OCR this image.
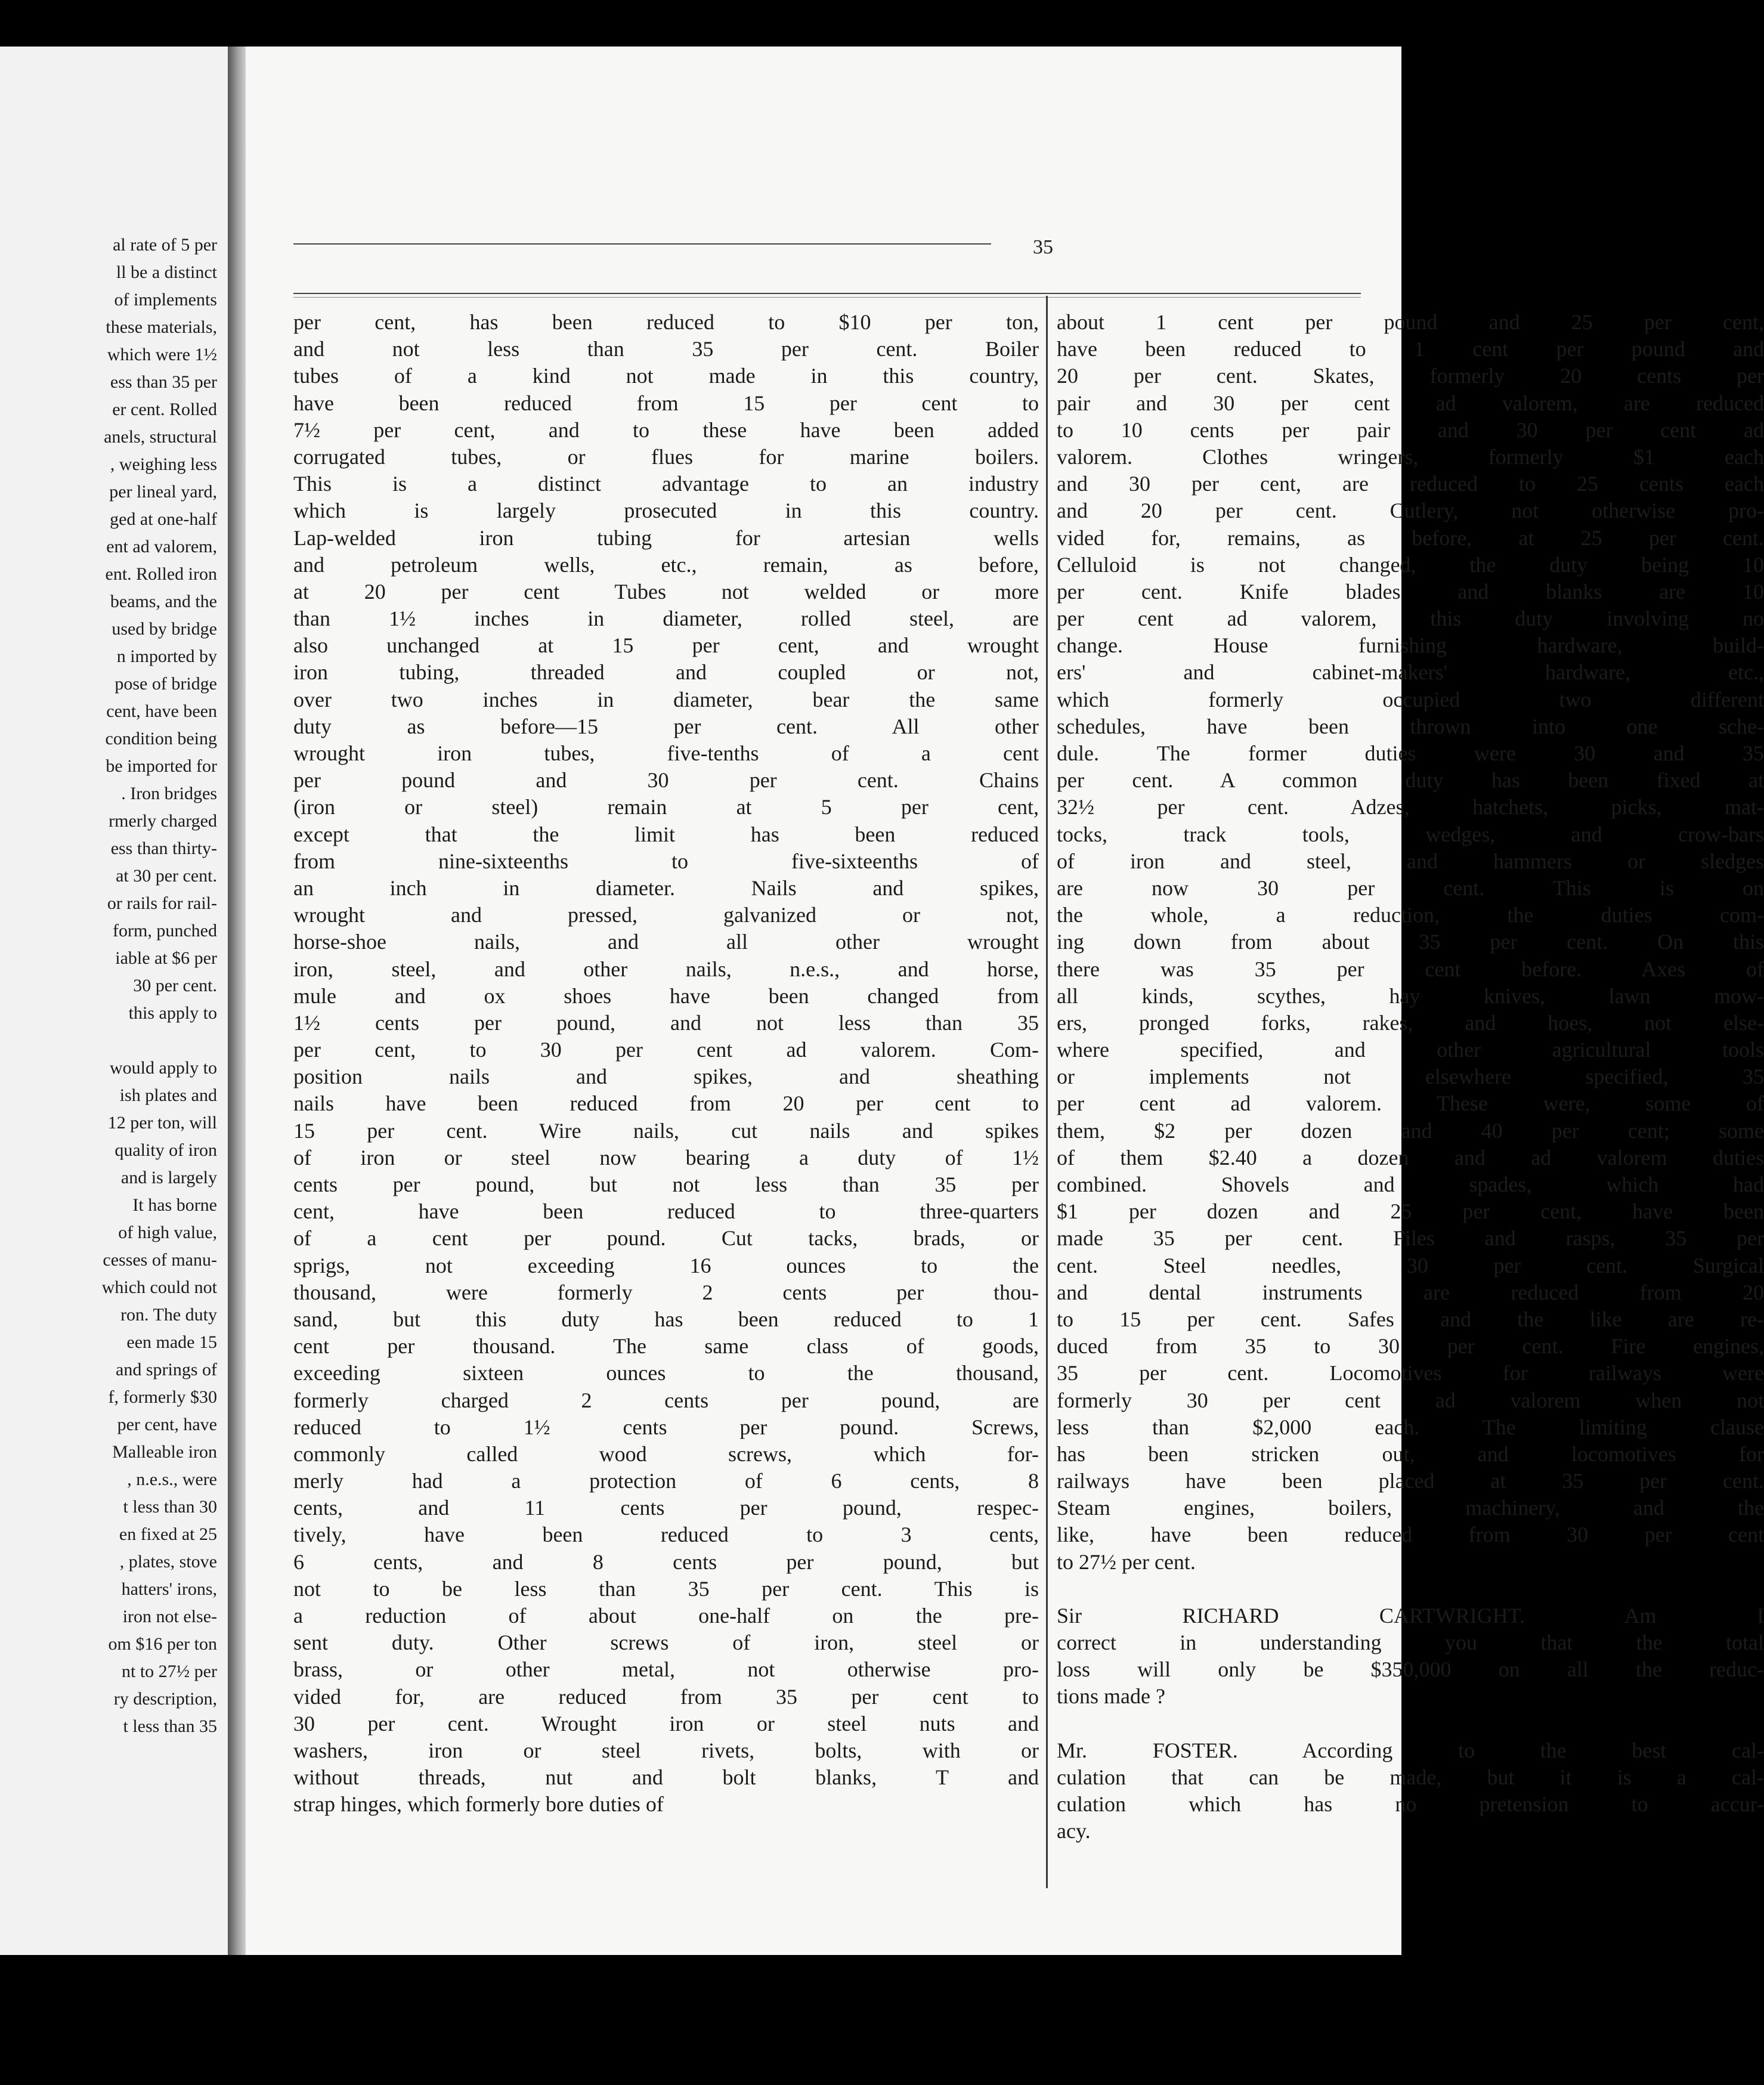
al rate of 5 per
ll be a distinct
of implements
these materials,
which were 1½
ess than 35 per
er cent. Rolled
anels, structural
, weighing less
per lineal yard,
ged at one-half
ent ad valorem,
ent. Rolled iron
beams, and the
used by bridge
n imported by
pose of bridge
cent, have been
condition being
be imported for
. Iron bridges
rmerly charged
ess than thirty-
at 30 per cent.
or rails for rail-
form, punched
iable at $6 per
30 per cent.
this apply to
would apply to
ish plates and
12 per ton, will
quality of iron
and is largely
It has borne
of high value,
cesses of manu-
which could not
ron. The duty
een made 15
and springs of
f, formerly $30
per cent, have
Malleable iron
, n.e.s., were
t less than 30
en fixed at 25
, plates, stove
hatters' irons,
iron not else-
om $16 per ton
nt to 27½ per
ry description,
t less than 35
35
per cent, has been reduced to $10 per ton,
and not less than 35 per cent. Boiler
tubes of a kind not made in this country,
have been reduced from 15 per cent to
7½ per cent, and to these have been added
corrugated tubes, or flues for marine boilers.
This is a distinct advantage to an industry
which is largely prosecuted in this country.
Lap-welded iron tubing for artesian wells
and petroleum wells, etc., remain, as before,
at 20 per cent Tubes not welded or more
than 1½ inches in diameter, rolled steel, are
also unchanged at 15 per cent, and wrought
iron tubing, threaded and coupled or not,
over two inches in diameter, bear the same
duty as before—15 per cent. All other
wrought iron tubes, five-tenths of a cent
per pound and 30 per cent. Chains
(iron or steel) remain at 5 per cent,
except that the limit has been reduced
from nine-sixteenths to five-sixteenths of
an inch in diameter. Nails and spikes,
wrought and pressed, galvanized or not,
horse-shoe nails, and all other wrought
iron, steel, and other nails, n.e.s., and horse,
mule and ox shoes have been changed from
1½ cents per pound, and not less than 35
per cent, to 30 per cent ad valorem. Com-
position nails and spikes, and sheathing
nails have been reduced from 20 per cent to
15 per cent. Wire nails, cut nails and spikes
of iron or steel now bearing a duty of 1½
cents per pound, but not less than 35 per
cent, have been reduced to three-quarters
of a cent per pound. Cut tacks, brads, or
sprigs, not exceeding 16 ounces to the
thousand, were formerly 2 cents per thou-
sand, but this duty has been reduced to 1
cent per thousand. The same class of goods,
exceeding sixteen ounces to the thousand,
formerly charged 2 cents per pound, are
reduced to 1½ cents per pound. Screws,
commonly called wood screws, which for-
merly had a protection of 6 cents, 8
cents, and 11 cents per pound, respec-
tively, have been reduced to 3 cents,
6 cents, and 8 cents per pound, but
not to be less than 35 per cent. This is
a reduction of about one-half on the pre-
sent duty. Other screws of iron, steel or
brass, or other metal, not otherwise pro-
vided for, are reduced from 35 per cent to
30 per cent. Wrought iron or steel nuts and
washers, iron or steel rivets, bolts, with or
without threads, nut and bolt blanks, T and
strap hinges, which formerly bore duties of
about 1 cent per pound and 25 per cent,
have been reduced to 1 cent per pound and
20 per cent. Skates, formerly 20 cents per
pair and 30 per cent ad valorem, are reduced
to 10 cents per pair and 30 per cent ad
valorem. Clothes wringers, formerly $1 each
and 30 per cent, are reduced to 25 cents each
and 20 per cent. Cutlery, not otherwise pro-
vided for, remains, as before, at 25 per cent.
Celluloid is not changed, the duty being 10
per cent. Knife blades and blanks are 10
per cent ad valorem, this duty involving no
change. House furnishing hardware, build-
ers' and cabinet-makers' hardware, etc.,
which formerly occupied two different
schedules, have been thrown into one sche-
dule. The former duties were 30 and 35
per cent. A common duty has been fixed at
32½ per cent. Adzes, hatchets, picks, mat-
tocks, track tools, wedges, and crow-bars
of iron and steel, and hammers or sledges
are now 30 per cent. This is on
the whole, a reduction, the duties com-
ing down from about 35 per cent. On this
there was 35 per cent before. Axes of
all kinds, scythes, hay knives, lawn mow-
ers, pronged forks, rakes, and hoes, not else-
where specified, and other agricultural tools
or implements not elsewhere specified, 35
per cent ad valorem. These were, some of
them, $2 per dozen and 40 per cent; some
of them $2.40 a dozen and ad valorem duties
combined. Shovels and spades, which had
$1 per dozen and 25 per cent, have been
made 35 per cent. Files and rasps, 35 per
cent. Steel needles, 30 per cent. Surgical
and dental instruments are reduced from 20
to 15 per cent. Safes and the like are re-
duced from 35 to 30 per cent. Fire engines,
35 per cent. Locomotives for railways were
formerly 30 per cent ad valorem when not
less than $2,000 each. The limiting clause
has been stricken out, and locomotives for
railways have been placed at 35 per cent.
Steam engines, boilers, machinery, and the
like, have been reduced from 30 per cent
to 27½ per cent.
Sir RICHARD CARTWRIGHT. Am I
correct in understanding you that the total
loss will only be $350,000 on all the reduc-
tions made ?
Mr. FOSTER. According to the best cal-
culation that can be made, but it is a cal-
culation which has no pretension to accur-
acy.
